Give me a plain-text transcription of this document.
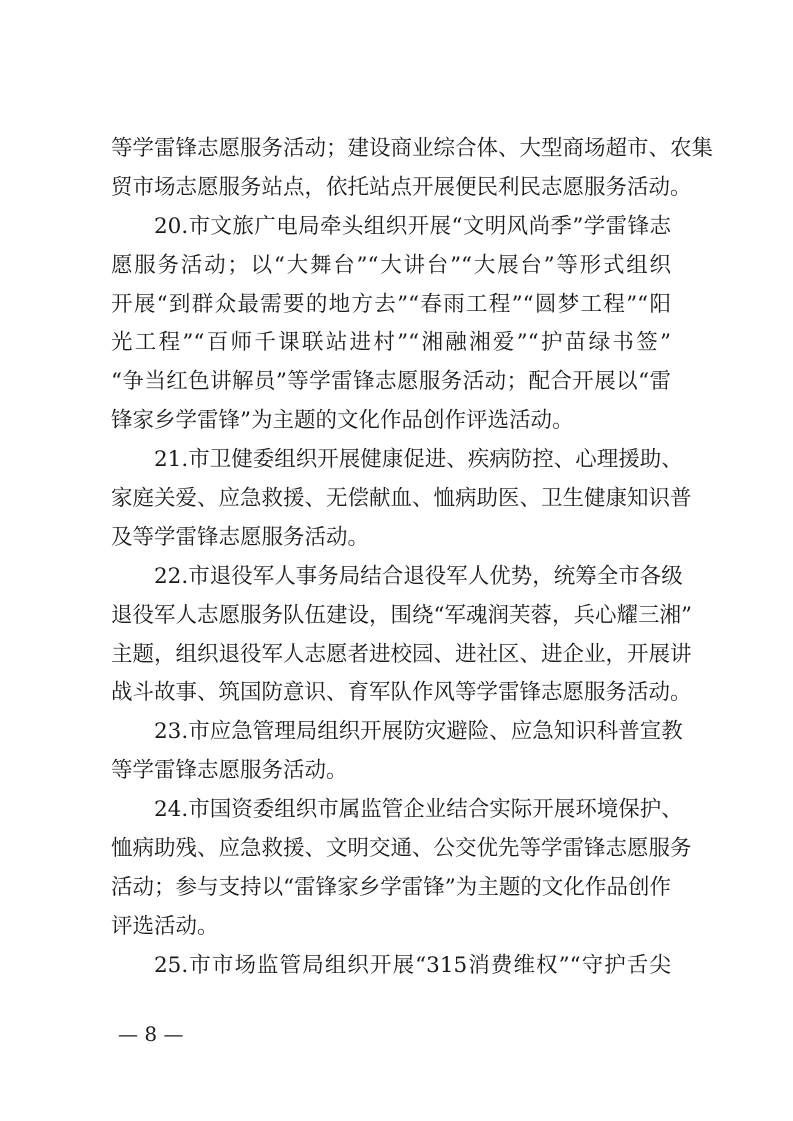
等学雷锋志愿服务活动；建设商业综合体、大型商场超市、农集
贸市场志愿服务站点，依托站点开展便民利民志愿服务活动。
20.市文旅广电局牵头组织开展“文明风尚季”学雷锋志
愿服务活动；以“大舞台”“大讲台”“大展台”等形式组织
开展“到群众最需要的地方去”“春雨工程”“圆梦工程”“阳
光工程”“百师千课联站进村”“湘融湘爱”“护苗绿书签”
“争当红色讲解员”等学雷锋志愿服务活动；配合开展以“雷
锋家乡学雷锋”为主题的文化作品创作评选活动。
21.市卫健委组织开展健康促进、疾病防控、心理援助、
家庭关爱、应急救援、无偿献血、恤病助医、卫生健康知识普
及等学雷锋志愿服务活动。
22.市退役军人事务局结合退役军人优势，统筹全市各级
退役军人志愿服务队伍建设，围绕“军魂润芙蓉，兵心耀三湘”
主题，组织退役军人志愿者进校园、进社区、进企业，开展讲
战斗故事、筑国防意识、育军队作风等学雷锋志愿服务活动。
23.市应急管理局组织开展防灾避险、应急知识科普宣教
等学雷锋志愿服务活动。
24.市国资委组织市属监管企业结合实际开展环境保护、
恤病助残、应急救援、文明交通、公交优先等学雷锋志愿服务
活动；参与支持以“雷锋家乡学雷锋”为主题的文化作品创作
评选活动。
25.市市场监管局组织开展“315消费维权”“守护舌尖
— 8 —
